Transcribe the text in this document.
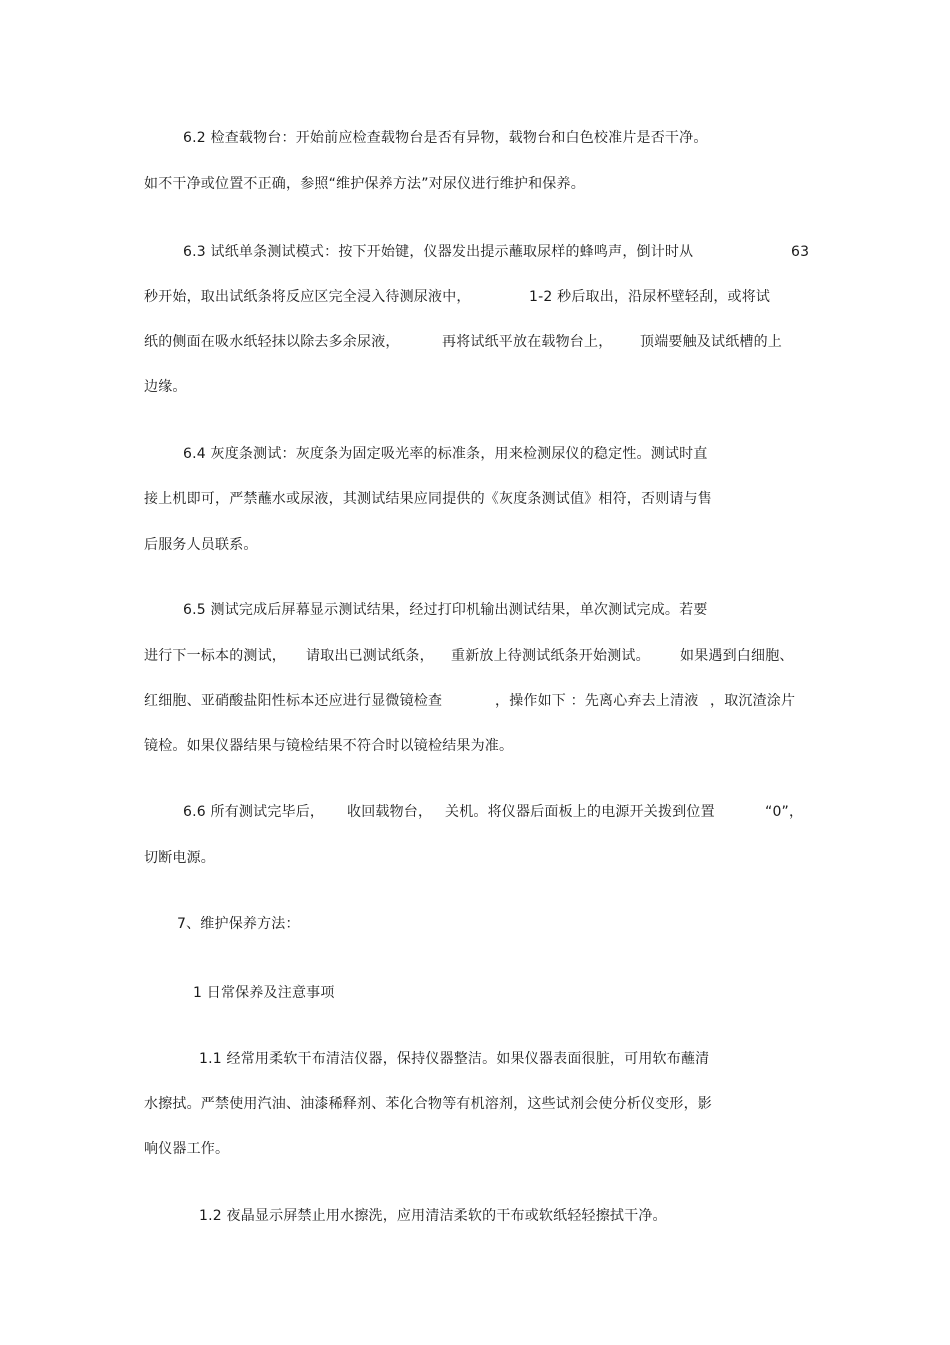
6.2 检查载物台：开始前应检查载物台是否有异物，载物台和白色校准片是否干净。
如不干净或位置不正确，参照“维护保养方法”对尿仪进行维护和保养。
6.3 试纸单条测试模式：按下开始键，仪器发出提示蘸取尿样的蜂鸣声，倒计时从	63
秒开始，取出试纸条将反应区完全浸入待测尿液中，	1-2 秒后取出，沿尿杯壁轻刮，或将试
纸的侧面在吸水纸轻抹以除去多余尿液，	再将试纸平放在载物台上， 顶端要触及试纸槽的上
边缘。
6.4 灰度条测试：灰度条为固定吸光率的标准条，用来检测尿仪的稳定性。测试时直
接上机即可，严禁蘸水或尿液，其测试结果应同提供的《灰度条测试值》相符，否则请与售
后服务人员联系。
6.5 测试完成后屏幕显示测试结果，经过打印机输出测试结果，单次测试完成。若要
进行下一标本的测试， 请取出已测试纸条， 重新放上待测试纸条开始测试。 如果遇到白细胞、
红细胞、亚硝酸盐阳性标本还应进行显微镜检查	，操作如下 ：先离心弃去上清液 ，取沉渣涂片
镜检。如果仪器结果与镜检结果不符合时以镜检结果为准。
6.6 所有测试完毕后， 收回载物台， 关机。将仪器后面板上的电源开关拨到位置	“0”，
切断电源。
7、维护保养方法：
1 日常保养及注意事项
1.1 经常用柔软干布清洁仪器，保持仪器整洁。如果仪器表面很脏，可用软布蘸清
水擦拭。严禁使用汽油、油漆稀释剂、苯化合物等有机溶剂，这些试剂会使分析仪变形，影
响仪器工作。
1.2 夜晶显示屏禁止用水擦洗，应用清洁柔软的干布或软纸轻轻擦拭干净。
